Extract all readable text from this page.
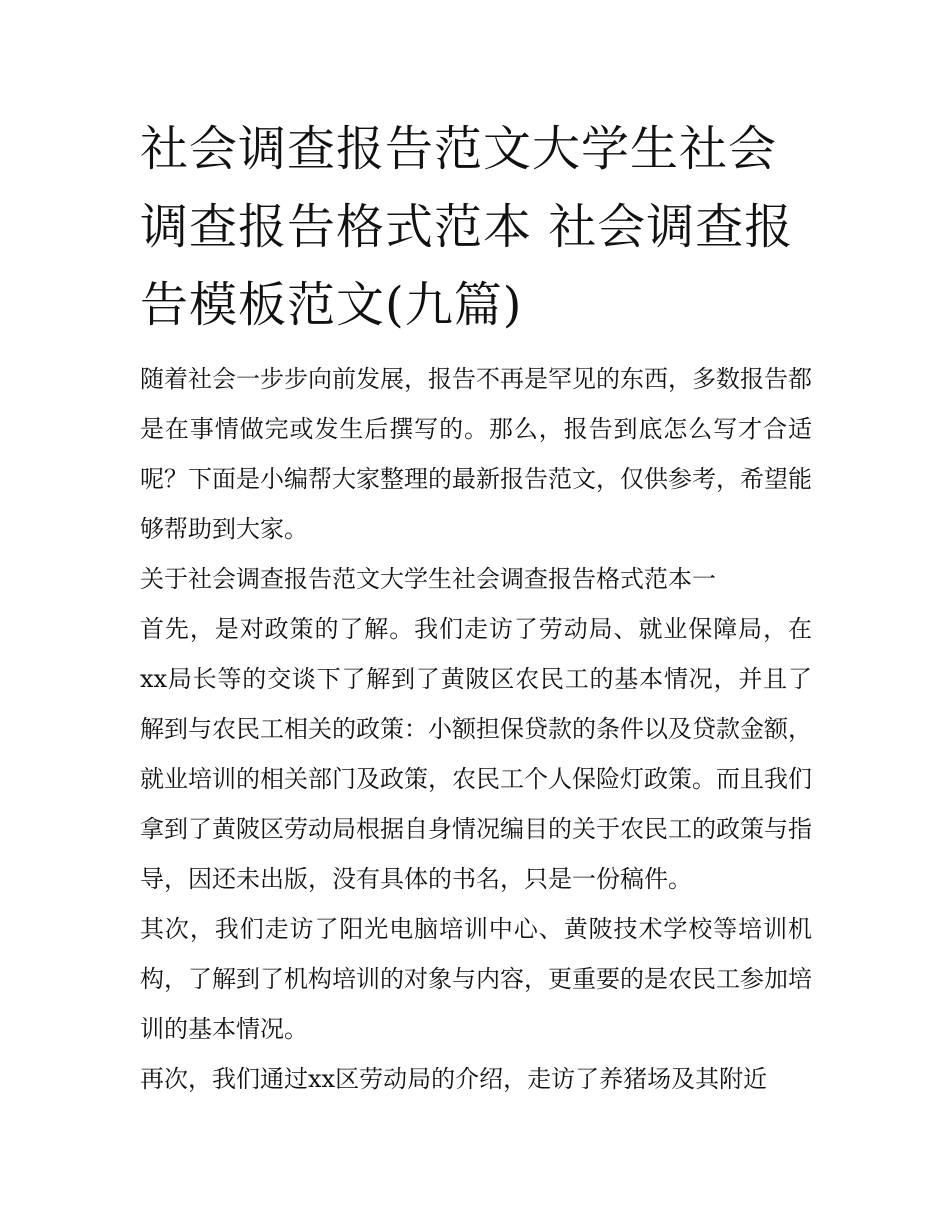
社会调查报告范文大学生社会调查报告格式范本 社会调查报告模板范文(九篇)

随着社会一步步向前发展，报告不再是罕见的东西，多数报告都是在事情做完或发生后撰写的。那么，报告到底怎么写才合适呢？下面是小编帮大家整理的最新报告范文，仅供参考，希望能够帮助到大家。

关于社会调查报告范文大学生社会调查报告格式范本一

首先，是对政策的了解。我们走访了劳动局、就业保障局，在xx局长等的交谈下了解到了黄陂区农民工的基本情况，并且了解到与农民工相关的政策：小额担保贷款的条件以及贷款金额，就业培训的相关部门及政策，农民工个人保险灯政策。而且我们拿到了黄陂区劳动局根据自身情况编目的关于农民工的政策与指导，因还未出版，没有具体的书名，只是一份稿件。

其次，我们走访了阳光电脑培训中心、黄陂技术学校等培训机构，了解到了机构培训的对象与内容，更重要的是农民工参加培训的基本情况。

再次，我们通过xx区劳动局的介绍，走访了养猪场及其附近
